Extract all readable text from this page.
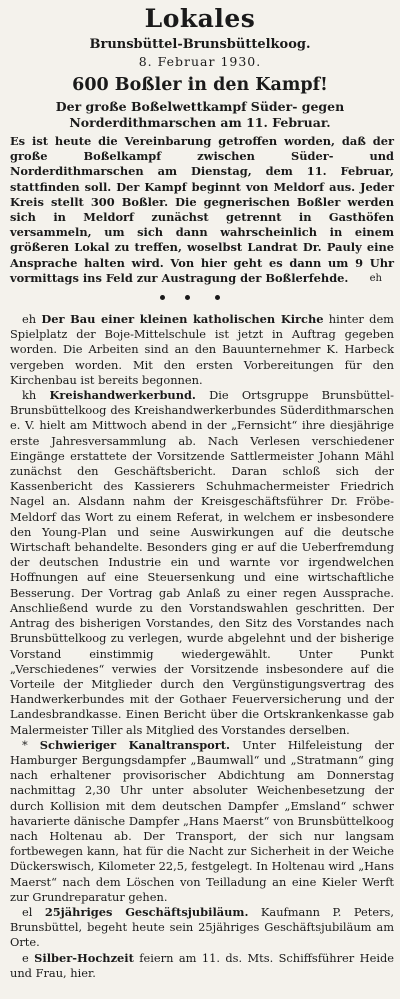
Lokales
Brunsbüttel-Brunsbüttelkoog.
8. Februar 1930.
600 Boßler in den Kampf!
Der große Boßelwettkampf Süder- gegen Norderdithmarschen am 11. Februar.
Es ist heute die Vereinbarung getroffen worden, daß der große Boßelkampf zwischen Süder- und Norderdithmarschen am Dienstag, dem 11. Februar, stattfinden soll. Der Kampf beginnt von Meldorf aus. Jeder Kreis stellt 300 Boßler. Die gegnerischen Boßler werden sich in Meldorf zunächst getrennt in Gasthöfen versammeln, um sich dann wahrscheinlich in einem größeren Lokal zu treffen, woselbst Landrat Dr. Pauly eine Ansprache halten wird. Von hier geht es dann um 9 Uhr vormittags ins Feld zur Austragung der Boßlerfehde. eh
eh Der Bau einer kleinen katholischen Kirche hinter dem Spielplatz der Boje-Mittelschule ist jetzt in Auftrag gegeben worden. Die Arbeiten sind an den Bauunternehmer K. Harbeck vergeben worden. Mit den ersten Vorbereitungen für den Kirchenbau ist bereits begonnen.
kh Kreishandwerkerbund. Die Ortsgruppe Brunsbüttel-Brunsbüttelkoog des Kreishandwerkerbundes Süderdithmarschen e. V. hielt am Mittwoch abend in der „Fernsicht“ ihre diesjährige erste Jahresversammlung ab. Nach Verlesen verschiedener Eingänge erstattete der Vorsitzende Sattlermeister Johann Mähl zunächst den Geschäftsbericht. Daran schloß sich der Kassenbericht des Kassierers Schuhmachermeister Friedrich Nagel an. Alsdann nahm der Kreisgeschäftsführer Dr. Fröbe-Meldorf das Wort zu einem Referat, in welchem er insbesondere den Young-Plan und seine Auswirkungen auf die deutsche Wirtschaft behandelte. Besonders ging er auf die Ueberfremdung der deutschen Industrie ein und warnte vor irgendwelchen Hoffnungen auf eine Steuersenkung und eine wirtschaftliche Besserung. Der Vortrag gab Anlaß zu einer regen Aussprache. Anschließend wurde zu den Vorstandswahlen geschritten. Der Antrag des bisherigen Vorstandes, den Sitz des Vorstandes nach Brunsbüttelkoog zu verlegen, wurde abgelehnt und der bisherige Vorstand einstimmig wiedergewählt. Unter Punkt „Verschiedenes“ verwies der Vorsitzende insbesondere auf die Vorteile der Mitglieder durch den Vergünstigungsvertrag des Handwerkerbundes mit der Gothaer Feuerversicherung und der Landesbrandkasse. Einen Bericht über die Ortskrankenkasse gab Malermeister Tiller als Mitglied des Vorstandes derselben.
* Schwieriger Kanaltransport. Unter Hilfeleistung der Hamburger Bergungsdampfer „Baumwall“ und „Stratmann“ ging nach erhaltener provisorischer Abdichtung am Donnerstag nachmittag 2,30 Uhr unter absoluter Weichenbesetzung der durch Kollision mit dem deutschen Dampfer „Emsland“ schwer havarierte dänische Dampfer „Hans Maerst“ von Brunsbüttelkoog nach Holtenau ab. Der Transport, der sich nur langsam fortbewegen kann, hat für die Nacht zur Sicherheit in der Weiche Dückerswisch, Kilometer 22,5, festgelegt. In Holtenau wird „Hans Maerst“ nach dem Löschen von Teilladung an eine Kieler Werft zur Grundreparatur gehen.
el 25jähriges Geschäftsjubiläum. Kaufmann P. Peters, Brunsbüttel, begeht heute sein 25jähriges Geschäftsjubiläum am Orte.
e Silber-Hochzeit feiern am 11. ds. Mts. Schiffsführer Heide und Frau, hier.
